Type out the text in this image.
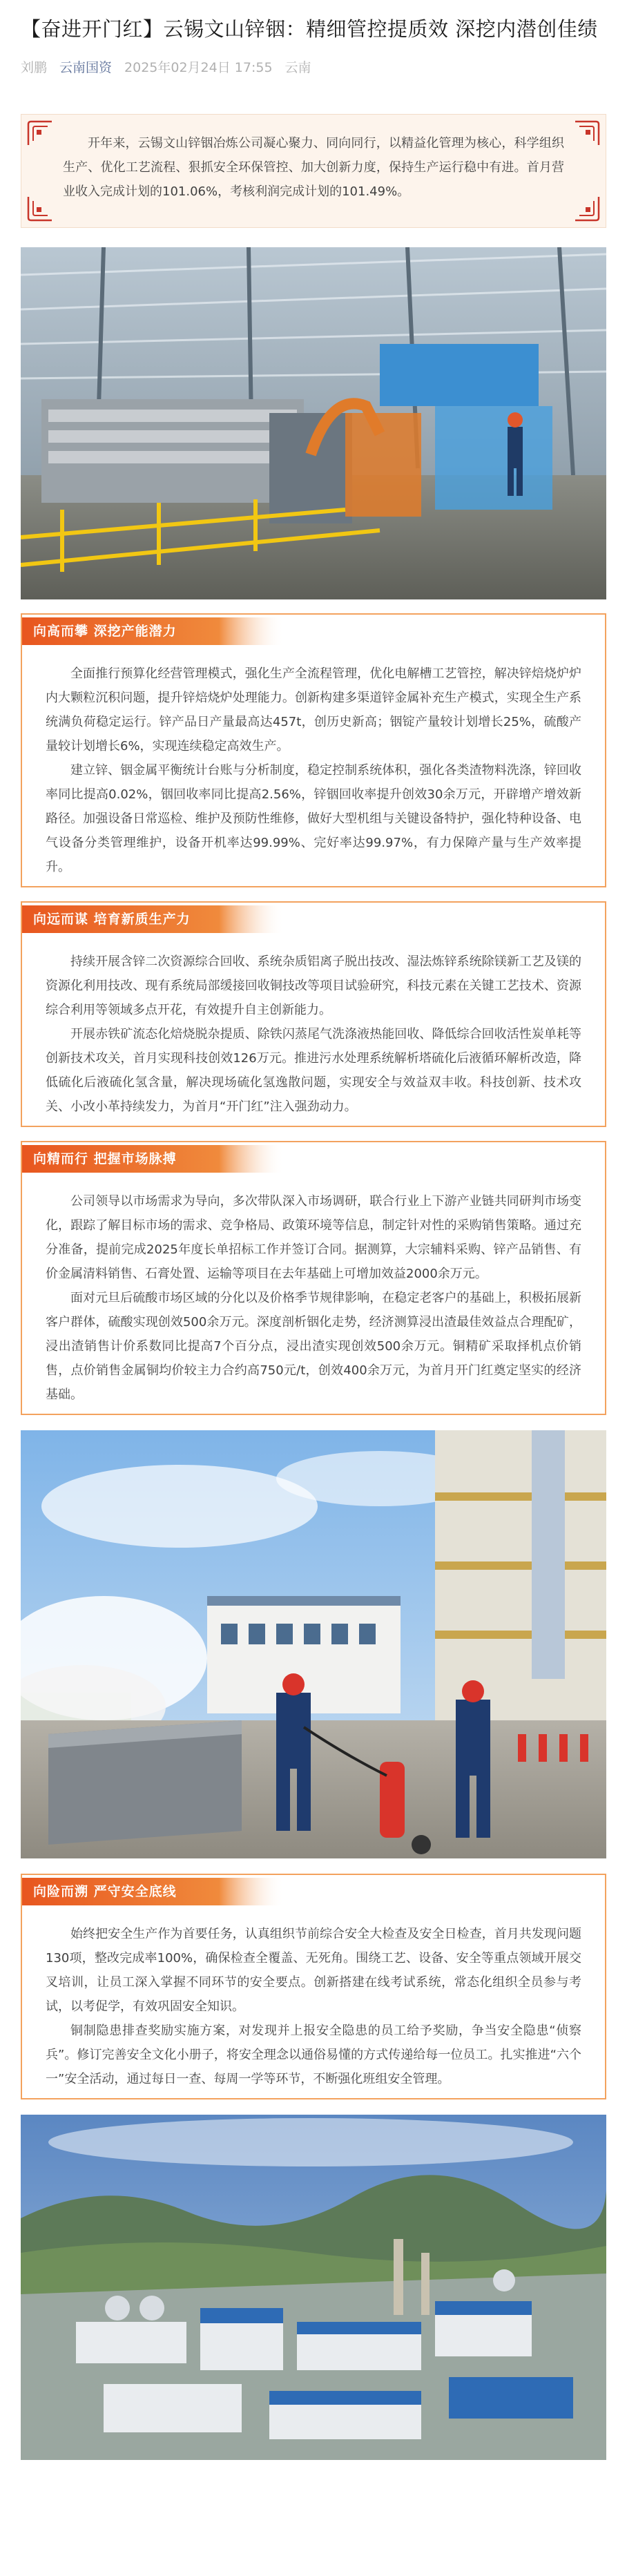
【奋进开门红】云锡文山锌铟：精细管控提质效 深挖内潜创佳绩
刘鹏 云南国资 2025年02月24日 17:55 云南

开年来，云锡文山锌铟冶炼公司凝心聚力、同向同行，以精益化管理为核心，科学组织生产、优化工艺流程、狠抓安全环保管控、加大创新力度，保持生产运行稳中有进。首月营业收入完成计划的101.06%，考核利润完成计划的101.49%。

向高而攀 深挖产能潜力

全面推行预算化经营管理模式，强化生产全流程管理，优化电解槽工艺管控，解决锌焙烧炉炉内大颗粒沉积问题，提升锌焙烧炉处理能力。创新构建多渠道锌金属补充生产模式，实现全生产系统满负荷稳定运行。锌产品日产量最高达457t，创历史新高；铟锭产量较计划增长25%，硫酸产量较计划增长6%，实现连续稳定高效生产。

建立锌、铟金属平衡统计台账与分析制度，稳定控制系统体积，强化各类渣物料洗涤，锌回收率同比提高0.02%，铟回收率同比提高2.56%，锌铟回收率提升创效30余万元，开辟增产增效新路径。加强设备日常巡检、维护及预防性维修，做好大型机组与关键设备特护，强化特种设备、电气设备分类管理维护，设备开机率达99.99%、完好率达99.97%，有力保障产量与生产效率提升。

向远而谋 培育新质生产力

持续开展含锌二次资源综合回收、系统杂质铝离子脱出技改、湿法炼锌系统除镁新工艺及镁的资源化利用技改、现有系统局部缓接回收铜技改等项目试验研究，科技元素在关键工艺技术、资源综合利用等领域多点开花，有效提升自主创新能力。

开展赤铁矿流态化焙烧脱杂提质、除铁闪蒸尾气洗涤液热能回收、降低综合回收活性炭单耗等创新技术攻关，首月实现科技创效126万元。推进污水处理系统解析塔硫化后液循环解析改造，降低硫化后液硫化氢含量，解决现场硫化氢逸散问题，实现安全与效益双丰收。科技创新、技术攻关、小改小革持续发力，为首月“开门红”注入强劲动力。

向精而行 把握市场脉搏

公司领导以市场需求为导向，多次带队深入市场调研，联合行业上下游产业链共同研判市场变化，跟踪了解目标市场的需求、竞争格局、政策环境等信息，制定针对性的采购销售策略。通过充分准备，提前完成2025年度长单招标工作并签订合同。据测算，大宗辅料采购、锌产品销售、有价金属清料销售、石膏处置、运输等项目在去年基础上可增加效益2000余万元。

面对元旦后硫酸市场区域的分化以及价格季节规律影响，在稳定老客户的基础上，积极拓展新客户群体，硫酸实现创效500余万元。深度剖析铟化走势，经济测算浸出渣最佳效益点合理配矿，浸出渣销售计价系数同比提高7个百分点，浸出渣实现创效500余万元。铜精矿采取择机点价销售，点价销售金属铜均价较主力合约高750元/t，创效400余万元，为首月开门红奠定坚实的经济基础。

向险而溯 严守安全底线

始终把安全生产作为首要任务，认真组织节前综合安全大检查及安全日检查，首月共发现问题130项，整改完成率100%，确保检查全覆盖、无死角。围绕工艺、设备、安全等重点领域开展交叉培训，让员工深入掌握不同环节的安全要点。创新搭建在线考试系统，常态化组织全员参与考试，以考促学，有效巩固安全知识。

铜制隐患排查奖励实施方案，对发现并上报安全隐患的员工给予奖励，争当安全隐患“侦察兵”。修订完善安全文化小册子，将安全理念以通俗易懂的方式传递给每一位员工。扎实推进“六个一”安全活动，通过每日一查、每周一学等环节，不断强化班组安全管理。
